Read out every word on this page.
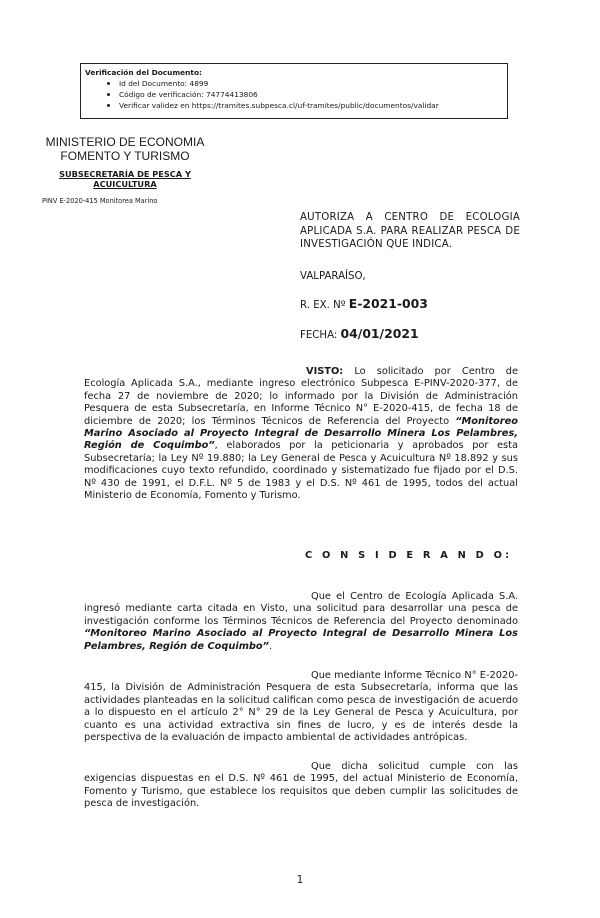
Verificación del Documento:
Id del Documento: 4899
Código de verificación: 74774413806
Verificar validez en https://tramites.subpesca.cl/uf-tramites/public/documentos/validar
MINISTERIO DE ECONOMIA
FOMENTO Y TURISMO
SUBSECRETARÍA DE PESCA Y
ACUICULTURA
PINV E-2020-415 Monitorea Marino
AUTORIZA A CENTRO DE ECOLOGIA APLICADA S.A. PARA REALIZAR PESCA DE INVESTIGACIÓN QUE INDICA.
VALPARAÍSO,
R. EX. Nº E-2021-003
FECHA: 04/01/2021
VISTO: Lo solicitado por Centro de Ecología Aplicada S.A., mediante ingreso electrónico Subpesca E-PINV-2020-377, de fecha 27 de noviembre de 2020; lo informado por la División de Administración Pesquera de esta Subsecretaría, en Informe Técnico N° E-2020-415, de fecha 18 de diciembre de 2020; los Términos Técnicos de Referencia del Proyecto “Monitoreo Marino Asociado al Proyecto Integral de Desarrollo Minera Los Pelambres, Región de Coquimbo”, elaborados por la peticionaria y aprobados por esta Subsecretaría; la Ley Nº 19.880; la Ley General de Pesca y Acuicultura Nº 18.892 y sus modificaciones cuyo texto refundido, coordinado y sistematizado fue fijado por el D.S. Nº 430 de 1991, el D.F.L. Nº 5 de 1983 y el D.S. Nº 461 de 1995, todos del actual Ministerio de Economía, Fomento y Turismo.
C O N S I D E R A N D O:
Que el Centro de Ecología Aplicada S.A. ingresó mediante carta citada en Visto, una solicitud para desarrollar una pesca de investigación conforme los Términos Técnicos de Referencia del Proyecto denominado “Monitoreo Marino Asociado al Proyecto Integral de Desarrollo Minera Los Pelambres, Región de Coquimbo”.
Que mediante Informe Técnico N° E-2020-415, la División de Administración Pesquera de esta Subsecretaría, informa que las actividades planteadas en la solicitud califican como pesca de investigación de acuerdo a lo dispuesto en el artículo 2° N° 29 de la Ley General de Pesca y Acuicultura, por cuanto es una actividad extractiva sin fines de lucro, y es de interés desde la perspectiva de la evaluación de impacto ambiental de actividades antrópicas.
Que dicha solicitud cumple con las exigencias dispuestas en el D.S. Nº 461 de 1995, del actual Ministerio de Economía, Fomento y Turismo, que establece los requisitos que deben cumplir las solicitudes de pesca de investigación.
1
